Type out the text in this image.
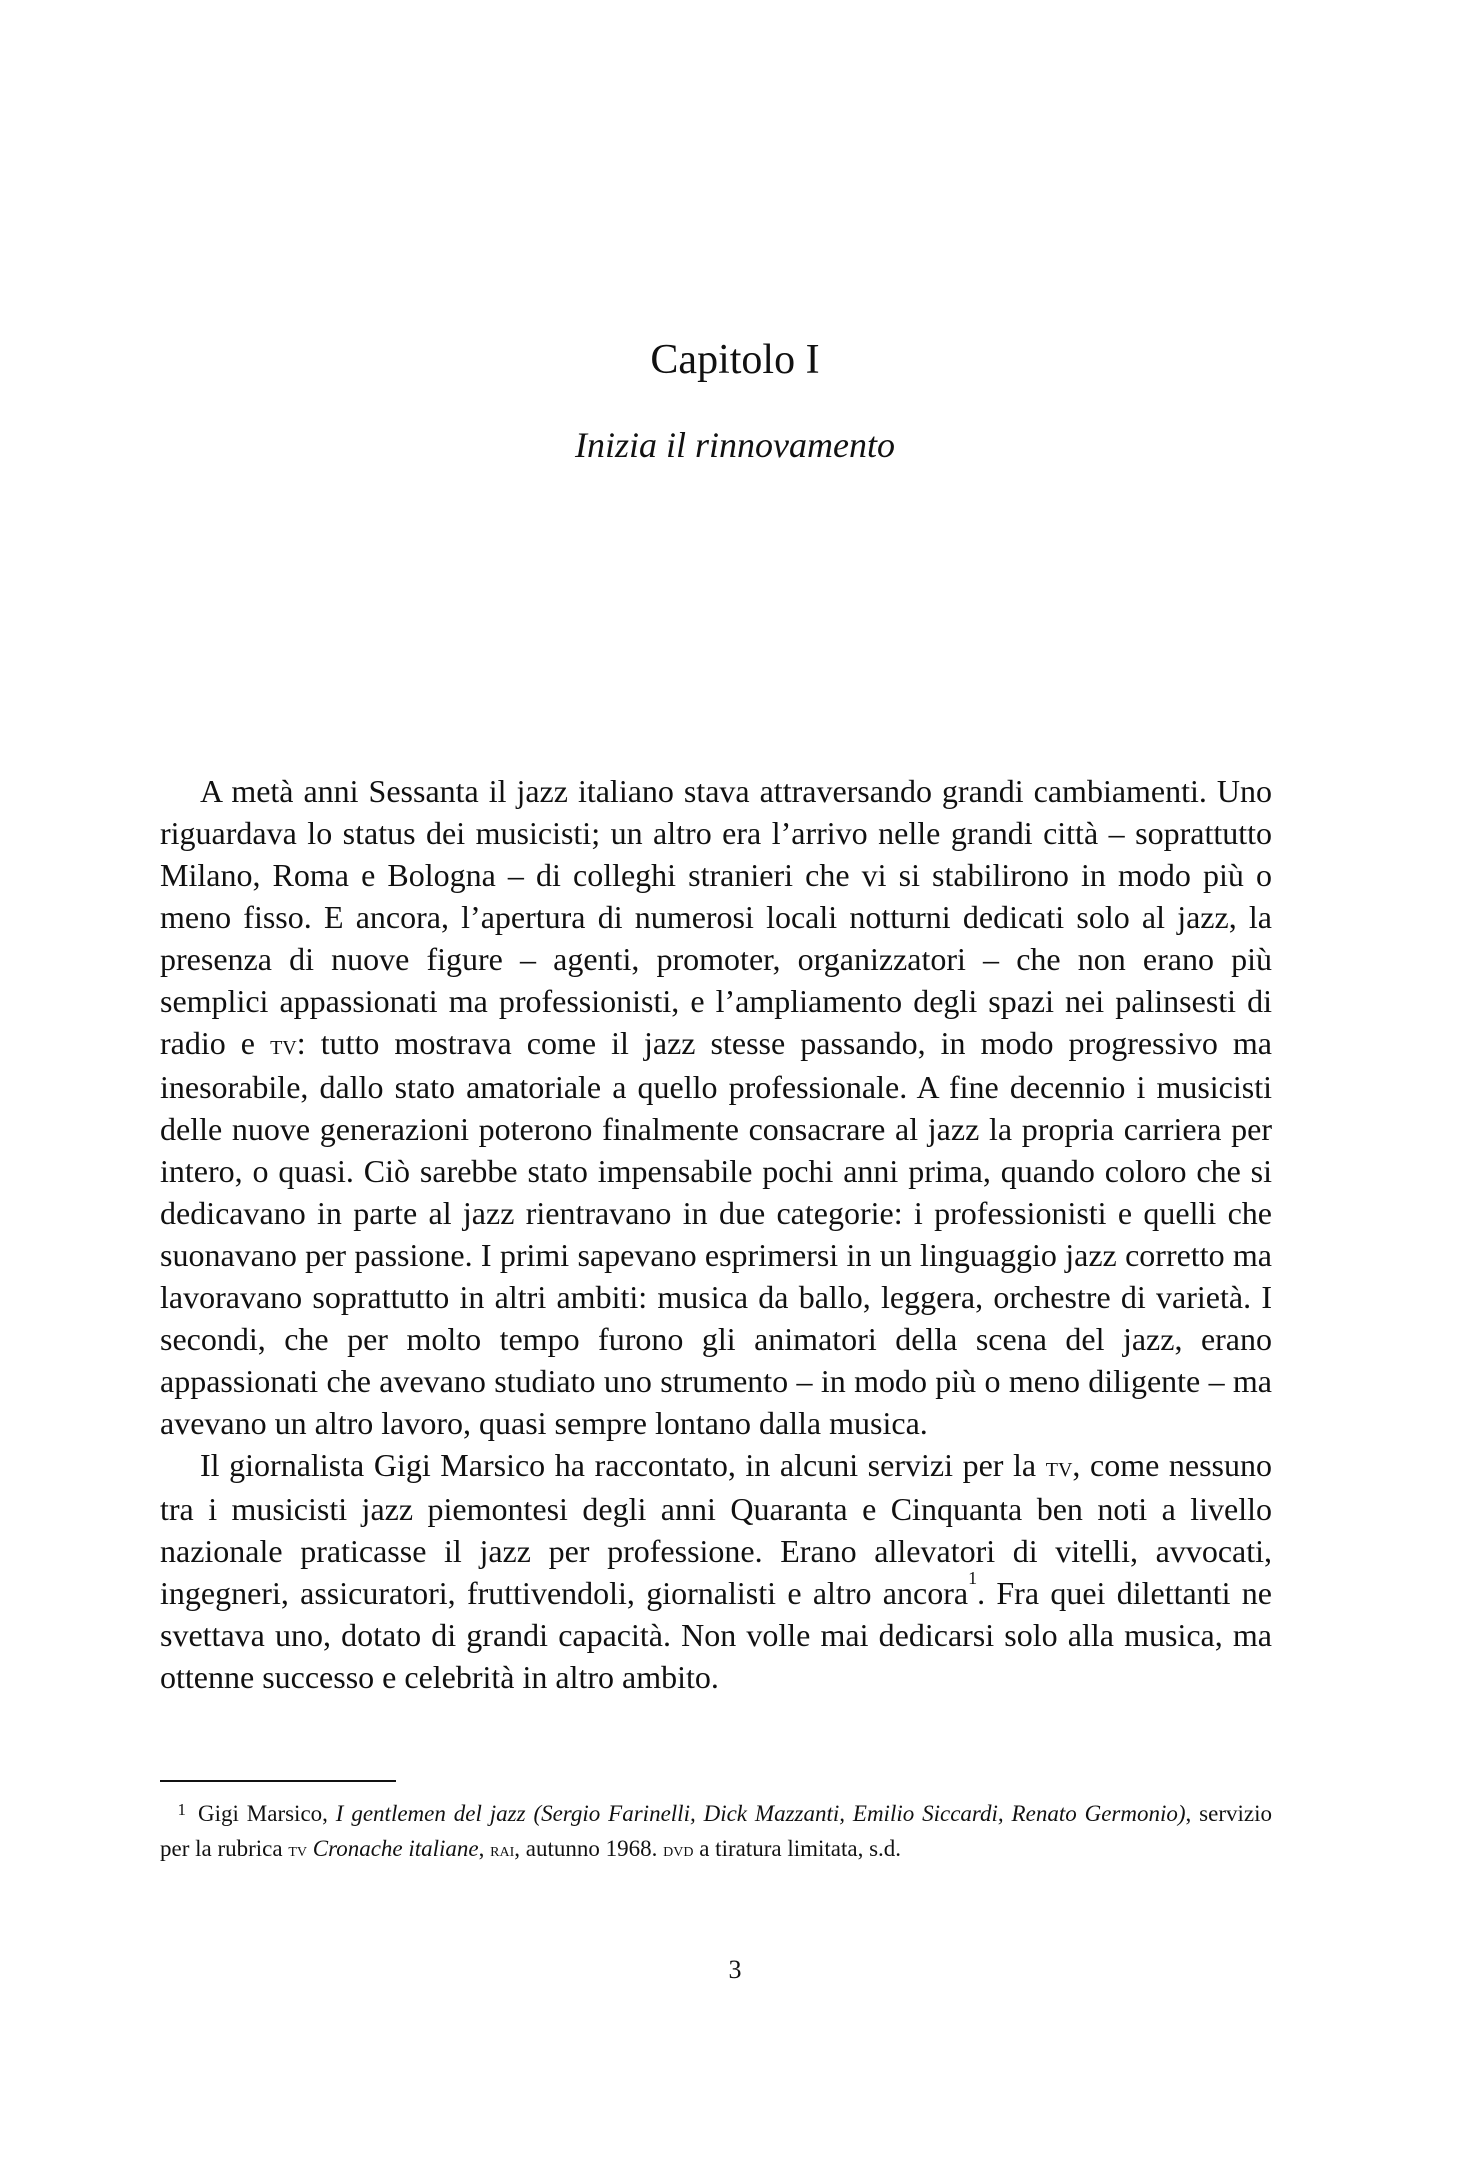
Capitolo I
Inizia il rinnovamento

A metà anni Sessanta il jazz italiano stava attraversando grandi cambiamenti. Uno riguardava lo status dei musicisti; un altro era l’arrivo nelle grandi città – soprattutto Milano, Roma e Bologna – di colleghi stranieri che vi si stabilirono in modo più o meno fisso. E ancora, l’apertura di numerosi locali notturni dedicati solo al jazz, la presenza di nuove figure – agenti, promoter, organizzatori – che non erano più semplici appassionati ma professionisti, e l’ampliamento degli spazi nei palinsesti di radio e tv: tutto mostrava come il jazz stesse passando, in modo progressivo ma inesorabile, dallo stato amatoriale a quello professionale. A fine decennio i musicisti delle nuove generazioni poterono finalmente consacrare al jazz la propria carriera per intero, o quasi. Ciò sarebbe stato impensabile pochi anni prima, quando coloro che si dedicavano in parte al jazz rientravano in due categorie: i professionisti e quelli che suonavano per passione. I primi sapevano esprimersi in un linguaggio jazz corretto ma lavoravano soprattutto in altri ambiti: musica da ballo, leggera, orchestre di varietà. I secondi, che per molto tempo furono gli animatori della scena del jazz, erano appassionati che avevano studiato uno strumento – in modo più o meno diligente – ma avevano un altro lavoro, quasi sempre lontano dalla musica.

Il giornalista Gigi Marsico ha raccontato, in alcuni servizi per la tv, come nessuno tra i musicisti jazz piemontesi degli anni Quaranta e Cinquanta ben noti a livello nazionale praticasse il jazz per professione. Erano allevatori di vitelli, avvocati, ingegneri, assicuratori, fruttivendoli, giornalisti e altro ancora$^1$. Fra quei dilettanti ne svettava uno, dotato di grandi capacità. Non volle mai dedicarsi solo alla musica, ma ottenne successo e celebrità in altro ambito.

1 Gigi Marsico, I gentlemen del jazz (Sergio Farinelli, Dick Mazzanti, Emilio Siccardi, Renato Germonio), servizio per la rubrica tv Cronache italiane, rai, autunno 1968. dvd a tiratura limitata, s.d.
3
